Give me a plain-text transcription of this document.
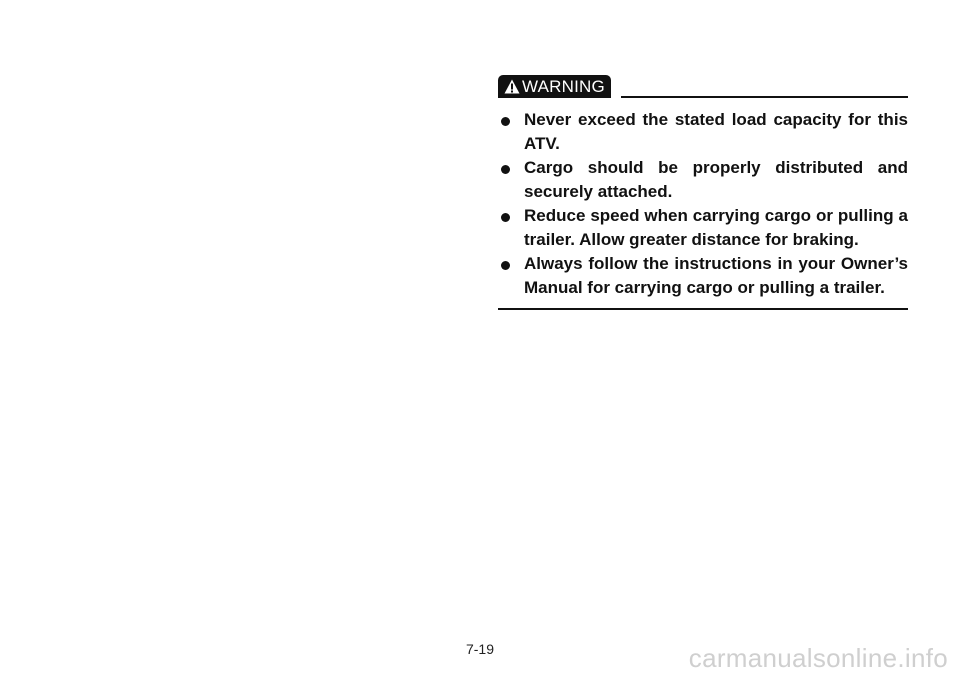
WARNING
Never exceed the stated load capacity for this ATV.
Cargo should be properly distributed and securely attached.
Reduce speed when carrying cargo or pulling a trailer. Allow greater distance for braking.
Always follow the instructions in your Owner’s Manual for carrying cargo or pulling a trailer.
7-19	carmanualsonline.info
